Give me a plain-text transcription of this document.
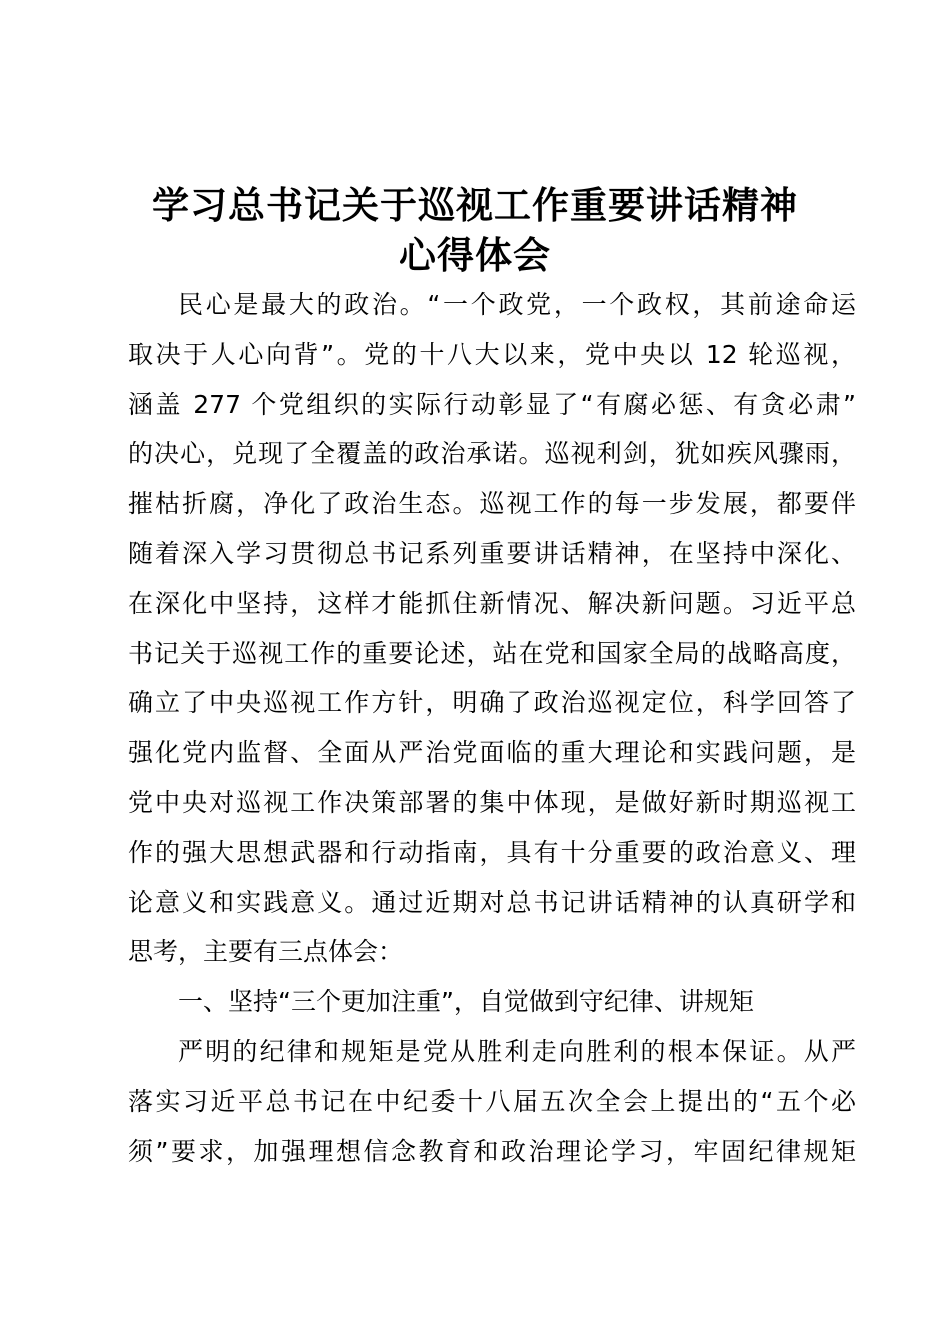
学习总书记关于巡视工作重要讲话精神
心得体会
民心是最大的政治。“一个政党，一个政权，其前途命运
取决于人心向背”。党的十八大以来，党中央以 12 轮巡视，
涵盖 277 个党组织的实际行动彰显了“有腐必惩、有贪必肃”
的决心，兑现了全覆盖的政治承诺。巡视利剑，犹如疾风骤雨，
摧枯折腐，净化了政治生态。巡视工作的每一步发展，都要伴
随着深入学习贯彻总书记系列重要讲话精神，在坚持中深化、
在深化中坚持，这样才能抓住新情况、解决新问题。习近平总
书记关于巡视工作的重要论述，站在党和国家全局的战略高度，
确立了中央巡视工作方针，明确了政治巡视定位，科学回答了
强化党内监督、全面从严治党面临的重大理论和实践问题，是
党中央对巡视工作决策部署的集中体现，是做好新时期巡视工
作的强大思想武器和行动指南，具有十分重要的政治意义、理
论意义和实践意义。通过近期对总书记讲话精神的认真研学和
思考，主要有三点体会：
一、坚持“三个更加注重”，自觉做到守纪律、讲规矩
严明的纪律和规矩是党从胜利走向胜利的根本保证。从严
落实习近平总书记在中纪委十八届五次全会上提出的“五个必
须”要求，加强理想信念教育和政治理论学习，牢固纪律规矩
